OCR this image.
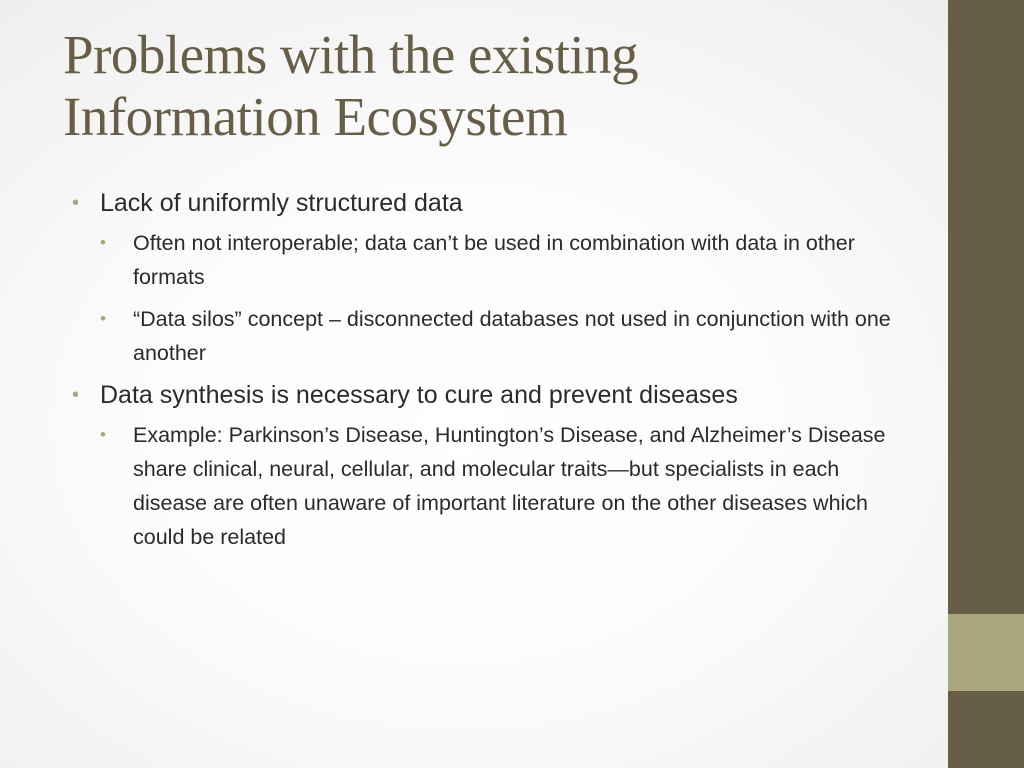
Problems with the existing
Information Ecosystem
• Lack of uniformly structured data
• Often not interoperable; data can’t be used in combination with data in other formats
• “Data silos” concept – disconnected databases not used in conjunction with one another
• Data synthesis is necessary to cure and prevent diseases
• Example: Parkinson’s Disease, Huntington’s Disease, and Alzheimer’s Disease share clinical, neural, cellular, and molecular traits—but specialists in each disease are often unaware of important literature on the other diseases which could be related
